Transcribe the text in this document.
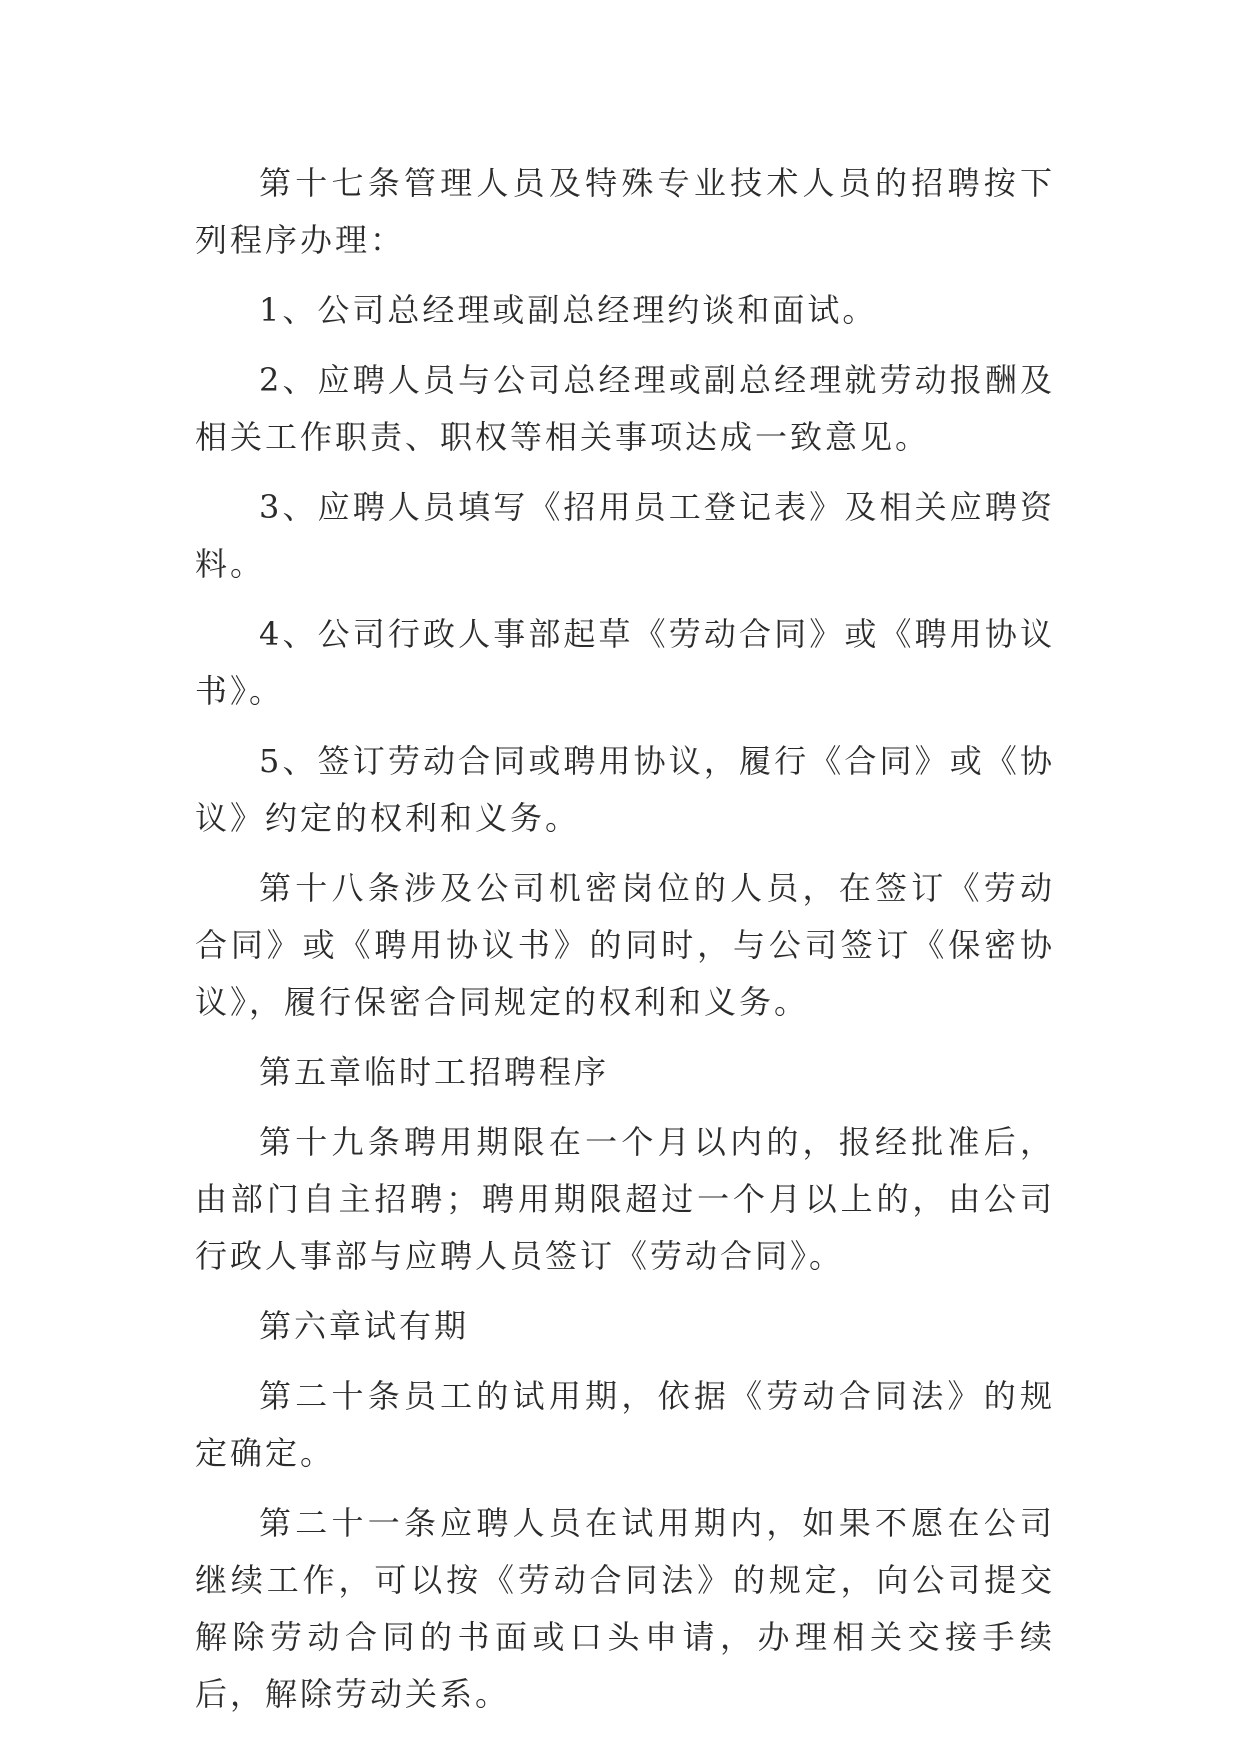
第十七条管理人员及特殊专业技术人员的招聘按下列程序办理：

1、公司总经理或副总经理约谈和面试。

2、应聘人员与公司总经理或副总经理就劳动报酬及相关工作职责、职权等相关事项达成一致意见。

3、应聘人员填写《招用员工登记表》及相关应聘资料。

4、公司行政人事部起草《劳动合同》或《聘用协议书》。

5、签订劳动合同或聘用协议，履行《合同》或《协议》约定的权利和义务。

第十八条涉及公司机密岗位的人员，在签订《劳动合同》或《聘用协议书》的同时，与公司签订《保密协议》，履行保密合同规定的权利和义务。

第五章临时工招聘程序

第十九条聘用期限在一个月以内的，报经批准后，由部门自主招聘；聘用期限超过一个月以上的，由公司行政人事部与应聘人员签订《劳动合同》。

第六章试有期

第二十条员工的试用期，依据《劳动合同法》的规定确定。

第二十一条应聘人员在试用期内，如果不愿在公司继续工作，可以按《劳动合同法》的规定，向公司提交解除劳动合同的书面或口头申请，办理相关交接手续后，解除劳动关系。
